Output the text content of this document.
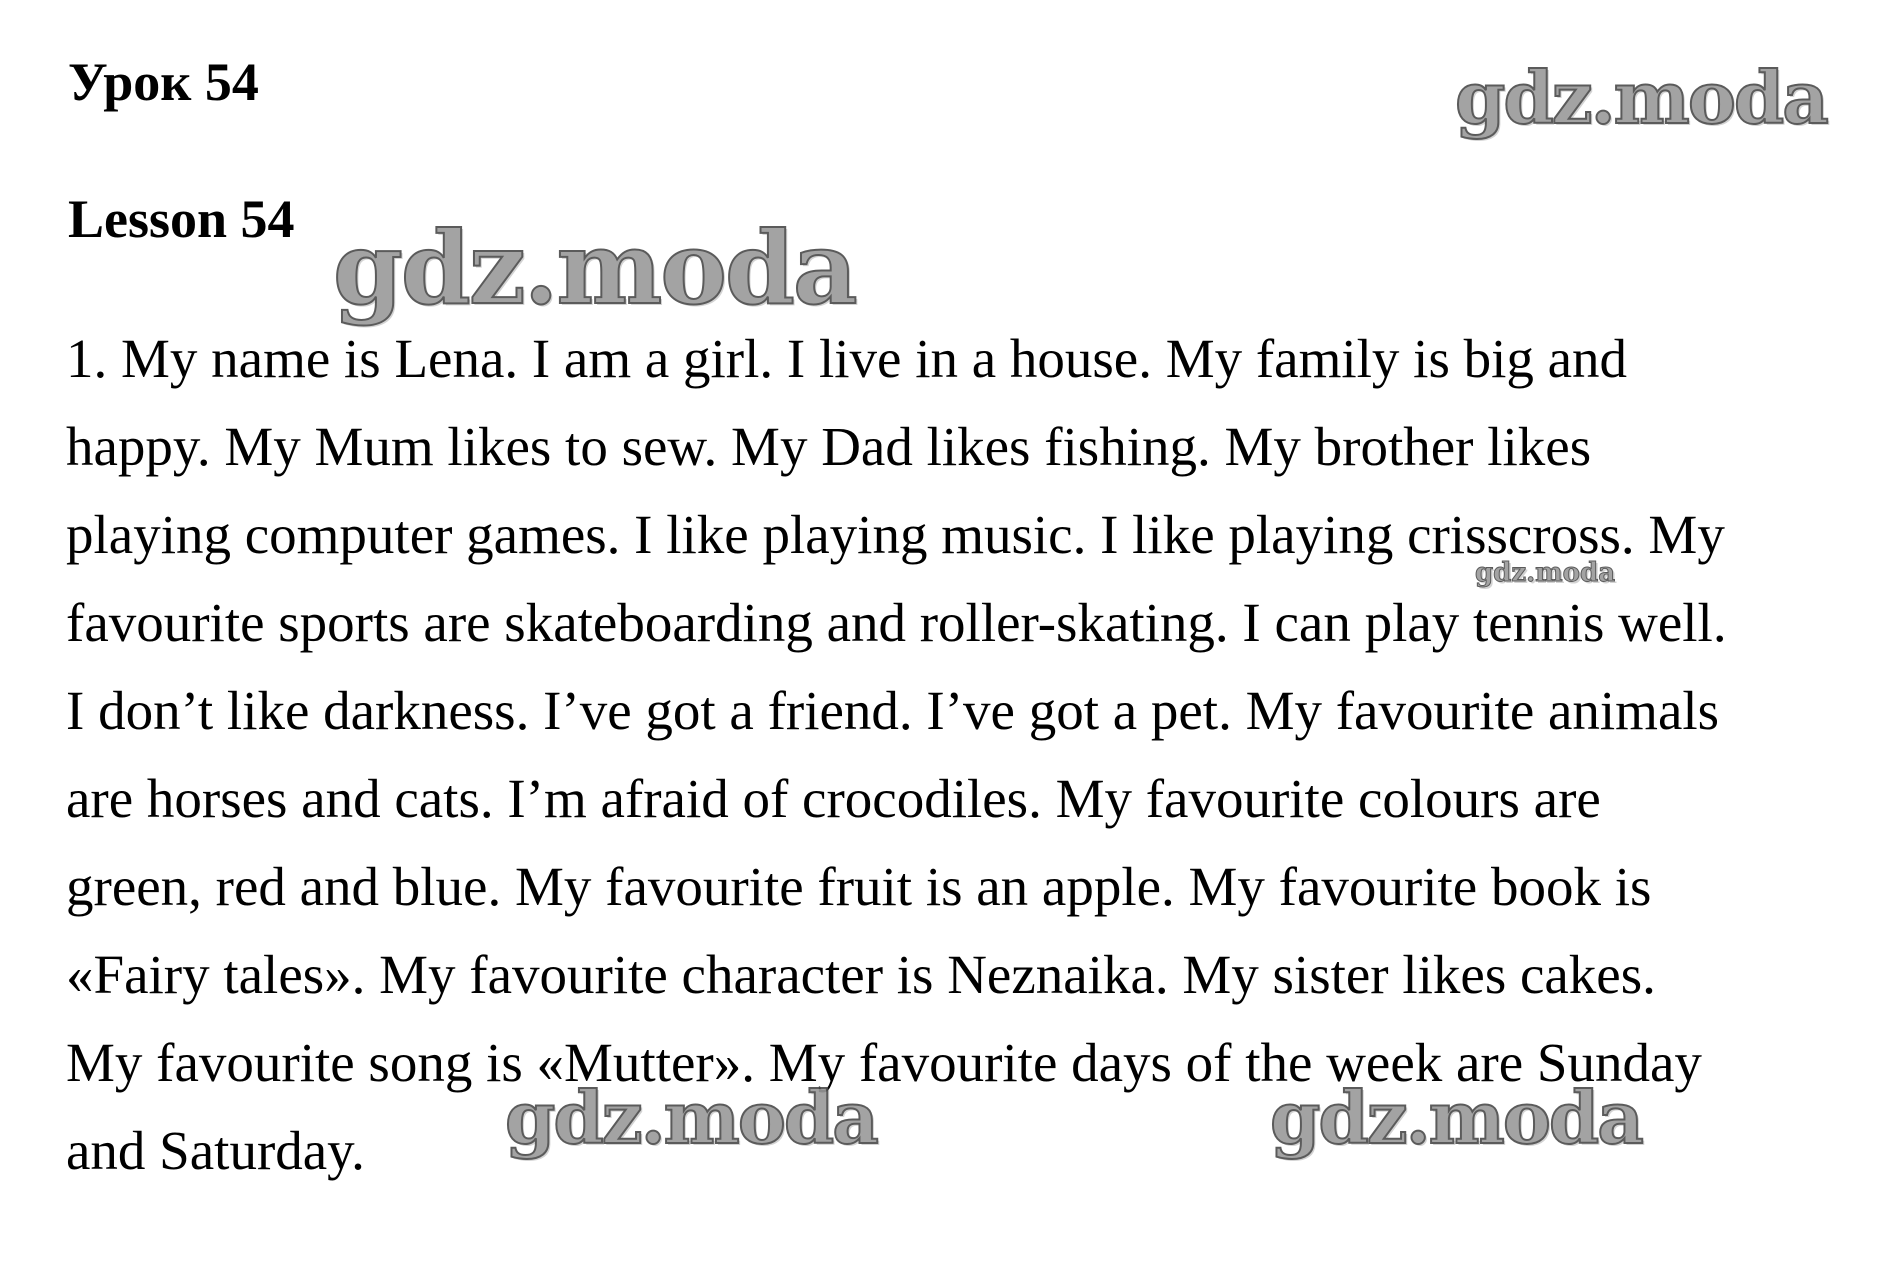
Урок 54
Lesson 54
1. My name is Lena. I am a girl. I live in a house. My family is big and
happy. My Mum likes to sew. My Dad likes fishing. My brother likes
playing computer games. I like playing music. I like playing crisscross. My
favourite sports are skateboarding and roller-skating. I can play tennis well.
I don’t like darkness. I’ve got a friend. I’ve got a pet. My favourite animals
are horses and cats. I’m afraid of crocodiles. My favourite colours are
green, red and blue. My favourite fruit is an apple. My favourite book is
«Fairy tales». My favourite character is Neznaika. My sister likes cakes.
My favourite song is «Mutter». My favourite days of the week are Sunday
and Saturday.
gdz.moda
gdz.moda
gdz.moda
gdz.moda	gdz.moda
